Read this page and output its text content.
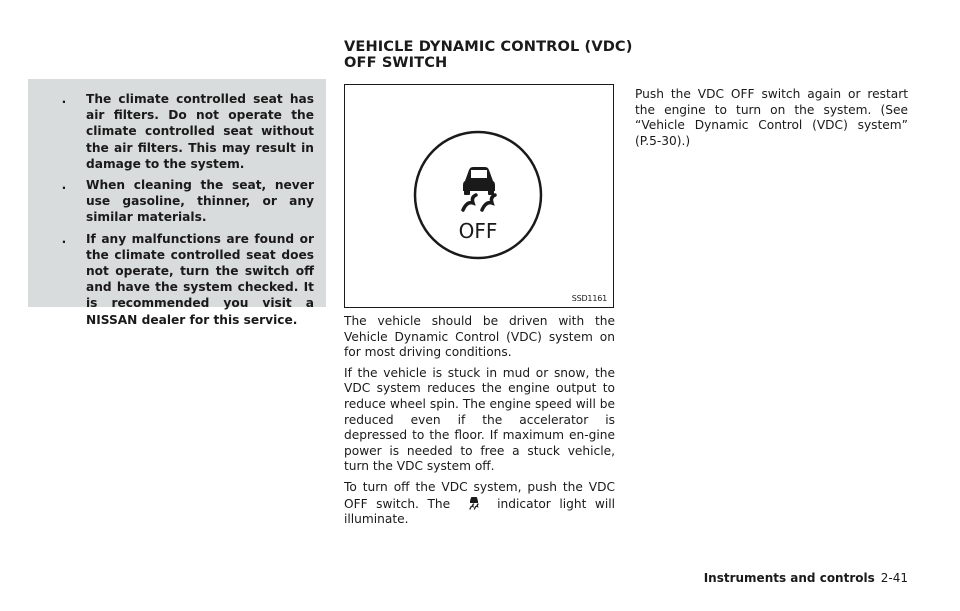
.	The climate controlled seat has air filters. Do not operate the climate controlled seat without the air filters. This may result in damage to the system.
.	When cleaning the seat, never use gasoline, thinner, or any similar materials.
.	If any malfunctions are found or the climate controlled seat does not operate, turn the switch off and have the system checked. It is recommended you visit a NISSAN dealer for this service.
VEHICLE DYNAMIC CONTROL (VDC)
OFF SWITCH
OFF
SSD1161

The vehicle should be driven with the Vehicle Dynamic Control (VDC) system on for most driving conditions.

If the vehicle is stuck in mud or snow, the VDC system reduces the engine output to reduce wheel spin. The engine speed will be reduced even if the accelerator is depressed to the floor. If maximum en-gine power is needed to free a stuck vehicle, turn the VDC system off.

To turn off the VDC system, push the VDC OFF switch. The	indicator light will illuminate.

Push the VDC OFF switch again or restart the engine to turn on the system. (See “Vehicle Dynamic Control (VDC) system” (P.5-30).)

Instruments and controls 2-41
